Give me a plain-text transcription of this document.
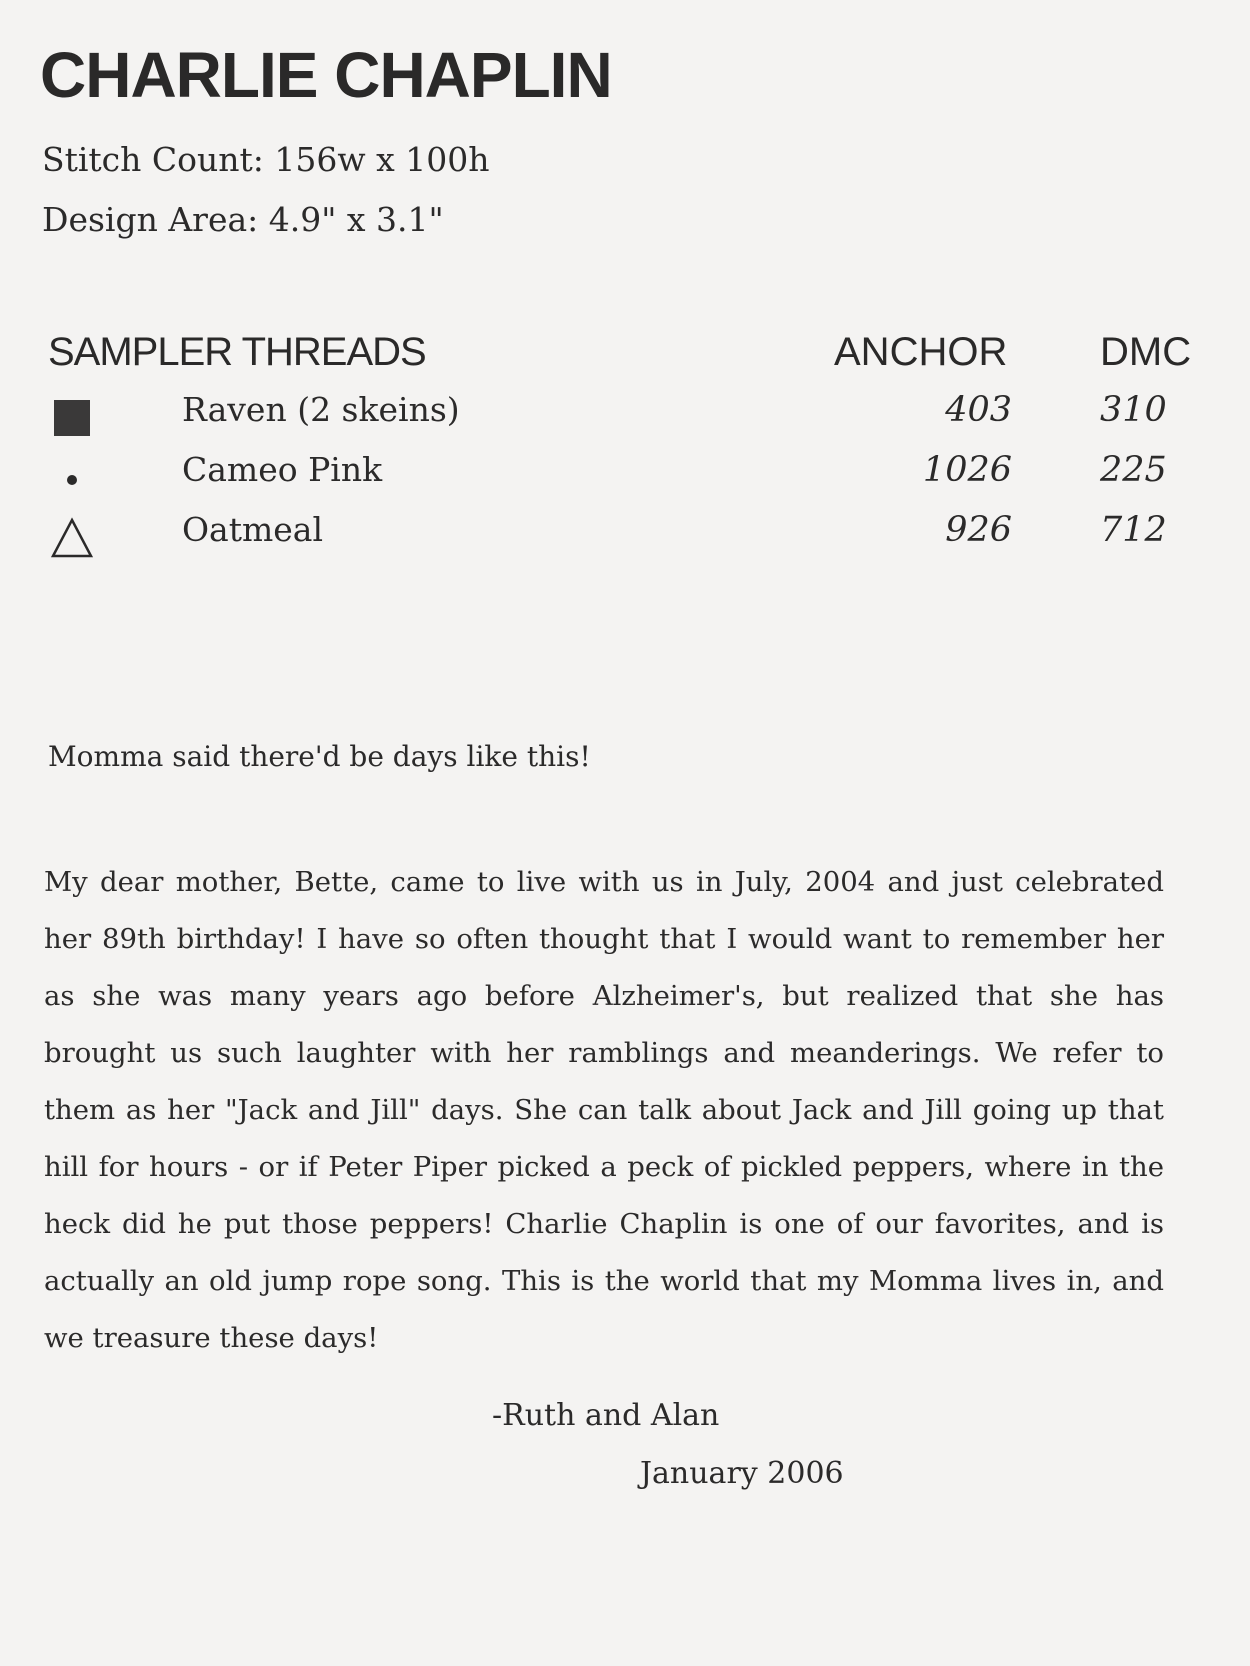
CHARLIE CHAPLIN
Stitch Count: 156w x 100h
Design Area: 4.9" x 3.1"
SAMPLER THREADS	ANCHOR DMC
Raven (2 skeins)	403	310
Cameo Pink	1026	225
Oatmeal	926	712
Momma said there'd be days like this!

My dear mother, Bette, came to live with us in July, 2004 and just celebrated her 89th birthday! I have so often thought that I would want to remember her as she was many years ago before Alzheimer's, but realized that she has brought us such laughter with her ramblings and meanderings. We refer to them as her "Jack and Jill" days. She can talk about Jack and Jill going up that hill for hours - or if Peter Piper picked a peck of pickled peppers, where in the heck did he put those peppers! Charlie Chaplin is one of our favorites, and is actually an old jump rope song. This is the world that my Momma lives in, and we treasure these days!

-Ruth and Alan
January 2006
